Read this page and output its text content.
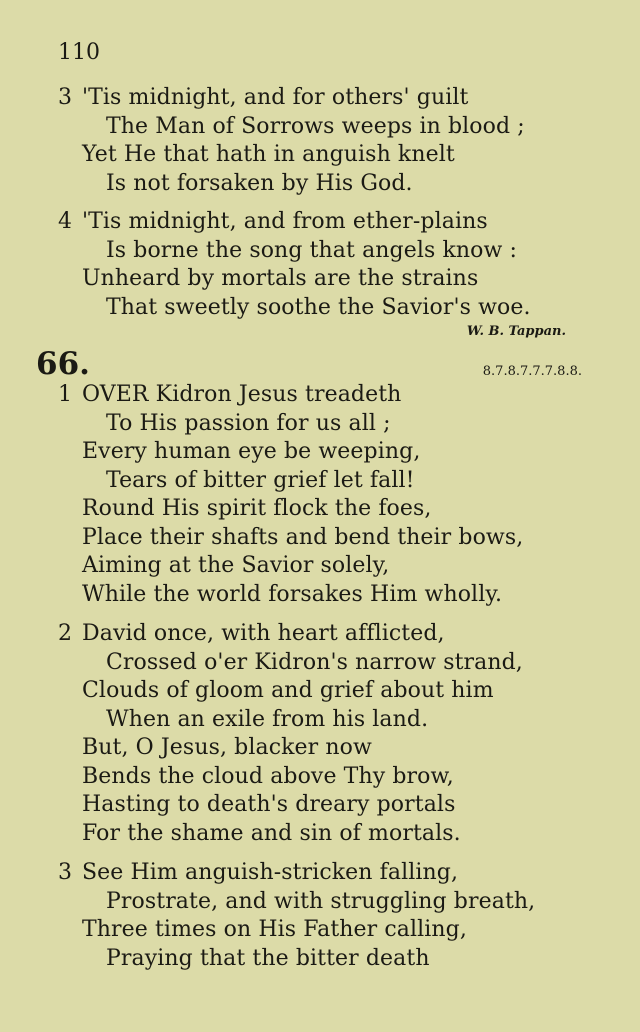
110
3 'Tis midnight, and for others' guilt
The Man of Sorrows weeps in blood ;
Yet He that hath in anguish knelt
Is not forsaken by His God.
4 'Tis midnight, and from ether-plains
Is borne the song that angels know :
Unheard by mortals are the strains
That sweetly soothe the Savior's woe.
W. B. Tappan.
66.	8.7.8.7.7.7.8.8.
1 OVER Kidron Jesus treadeth
To His passion for us all ;
Every human eye be weeping,
Tears of bitter grief let fall!
Round His spirit flock the foes,
Place their shafts and bend their bows,
Aiming at the Savior solely,
While the world forsakes Him wholly.
2 David once, with heart afflicted,
Crossed o'er Kidron's narrow strand,
Clouds of gloom and grief about him
When an exile from his land.
But, O Jesus, blacker now
Bends the cloud above Thy brow,
Hasting to death's dreary portals
For the shame and sin of mortals.
3 See Him anguish-stricken falling,
Prostrate, and with struggling breath,
Three times on His Father calling,
Praying that the bitter death
